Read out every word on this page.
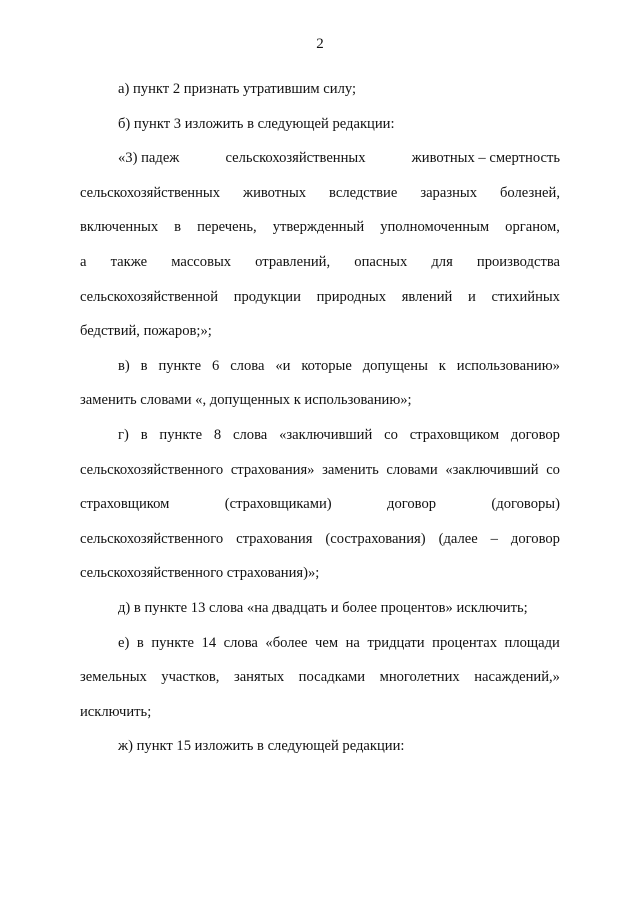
2

а) пункт 2 признать утратившим силу;

б) пункт 3 изложить в следующей редакции:

«3) падеж	сельскохозяйственных	животных – смертность
сельскохозяйственных животных вследствие заразных болезней,
включенных в перечень, утвержденный уполномоченным органом,
а также массовых отравлений, опасных для производства
сельскохозяйственной продукции природных явлений и стихийных
бедствий, пожаров;»;
в) в пункте 6 слова «и которые допущены к использованию»
заменить словами «, допущенных к использованию»;
г) в пункте 8 слова «заключивший со страховщиком договор
сельскохозяйственного страхования» заменить словами «заключивший со
страховщиком	(страховщиками)	договор	(договоры)
сельскохозяйственного страхования (сострахования) (далее – договор
сельскохозяйственного страхования)»;

д) в пункте 13 слова «на двадцать и более процентов» исключить;

е) в пункте 14 слова «более чем на тридцати процентах площади
земельных участков, занятых посадками многолетних насаждений,»
исключить;

ж) пункт 15 изложить в следующей редакции:
